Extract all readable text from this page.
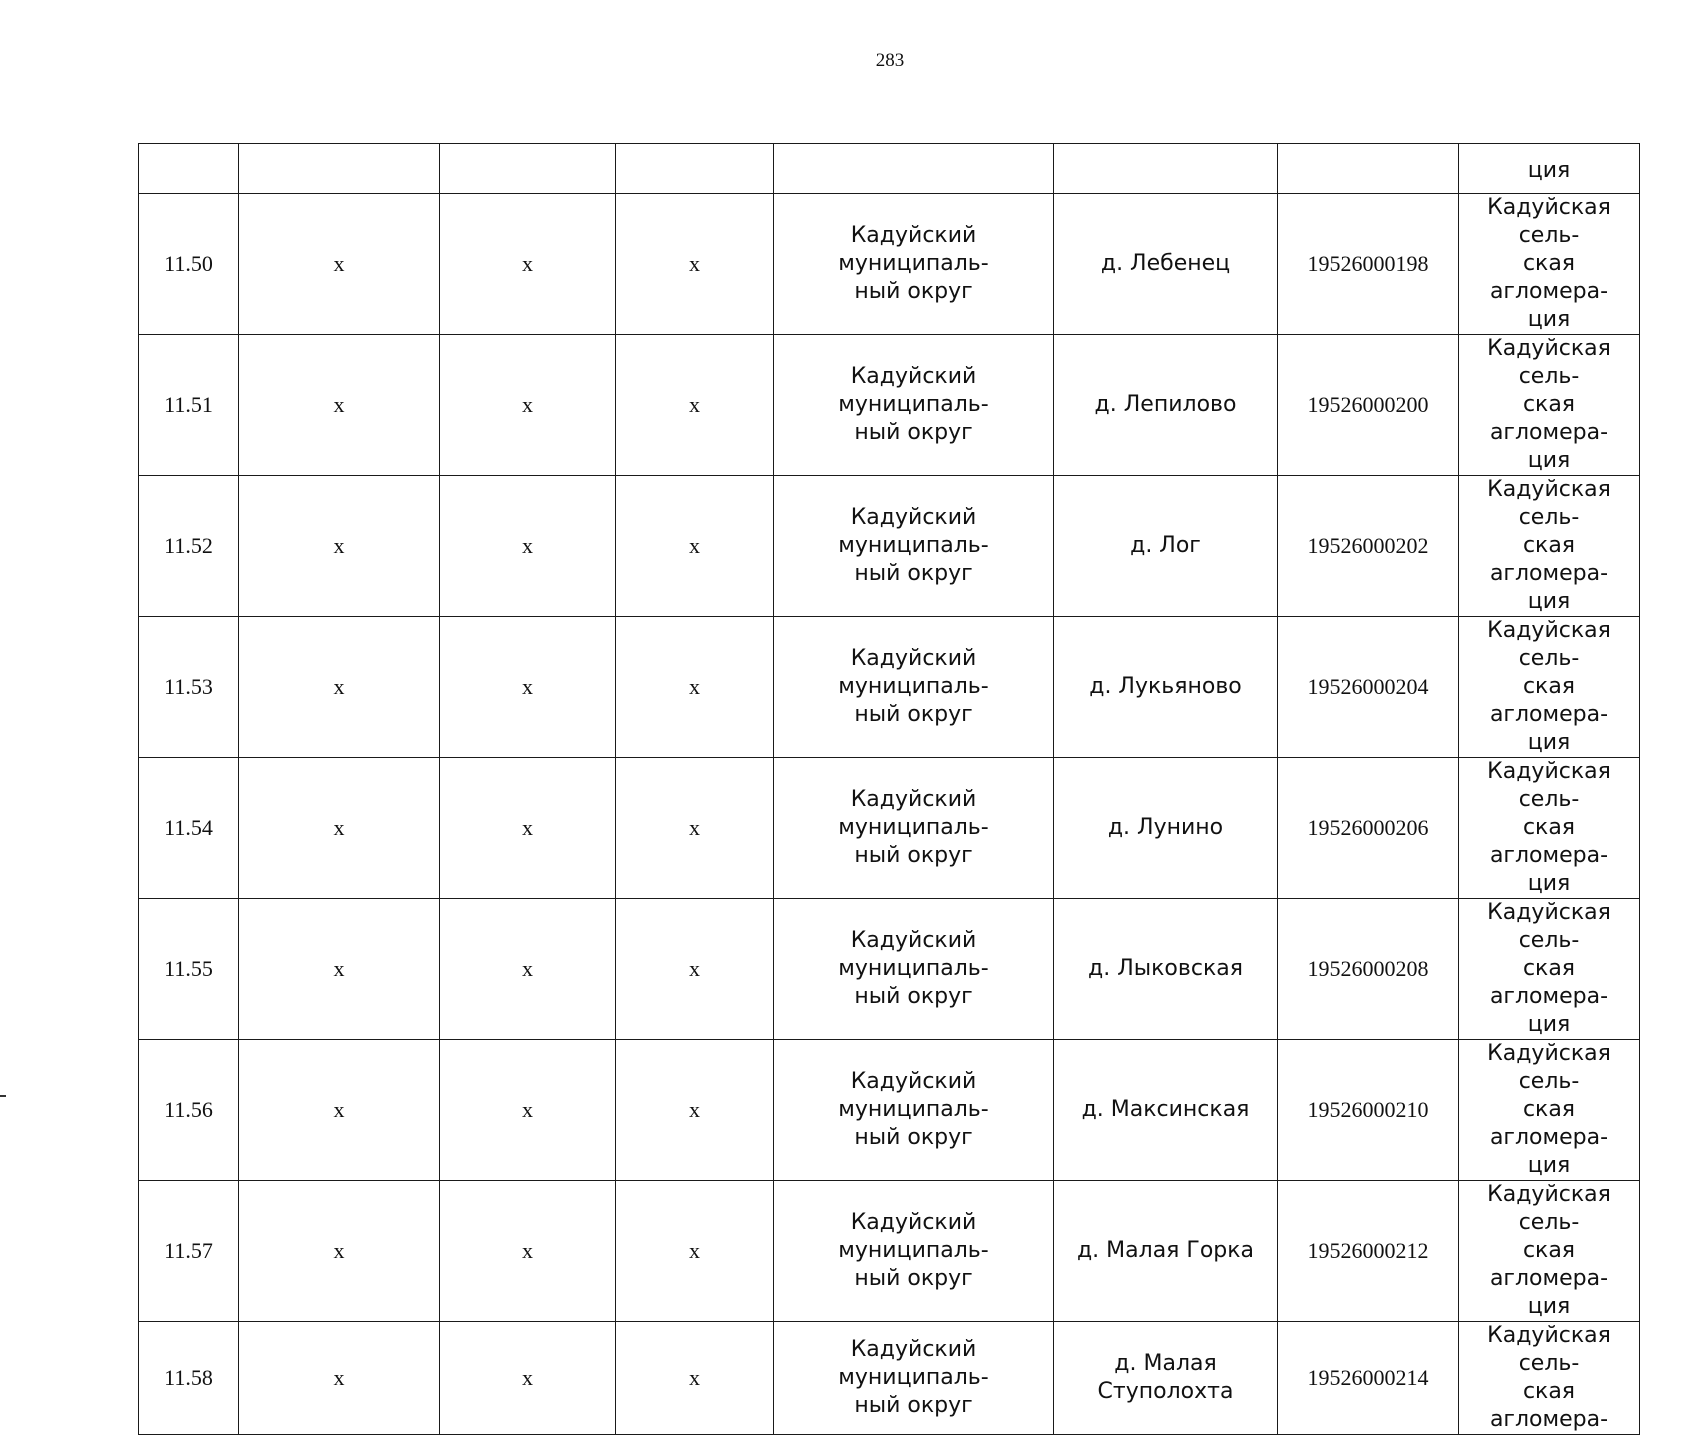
283
							ция
11.50	x	x	x	Кадуйский муниципаль-
ный округ	д. Лебенец	19526000198	Кадуйская сель-
ская агломера-
ция

11.51	x	x	x	Кадуйский муниципаль-
ный округ	д. Лепилово	19526000200	Кадуйская сель-
ская агломера-
ция

11.52	x	x	x	Кадуйский муниципаль-
ный округ	д. Лог	19526000202	Кадуйская сель-
ская агломера-
ция

11.53	x	x	x	Кадуйский муниципаль-
ный округ	д. Лукьяново	19526000204	Кадуйская сель-
ская агломера-
ция

11.54	x	x	x	Кадуйский муниципаль-
ный округ	д. Лунино	19526000206	Кадуйская сель-
ская агломера-
ция

11.55	x	x	x	Кадуйский муниципаль-
ный округ	д. Лыковская	19526000208	Кадуйская сель-
ская агломера-
ция

11.56	x	x	x	Кадуйский муниципаль-
ный округ	д. Максинская	19526000210	Кадуйская сель-
ская агломера-
ция

11.57	x	x	x	Кадуйский муниципаль-
ный округ	д. Малая Горка	19526000212	Кадуйская сель-
ская агломера-
ция

11.58	x	x	x	Кадуйский муниципаль-
ный округ	д. Малая
Ступолохта	19526000214	Кадуйская сель-
ская агломера-
